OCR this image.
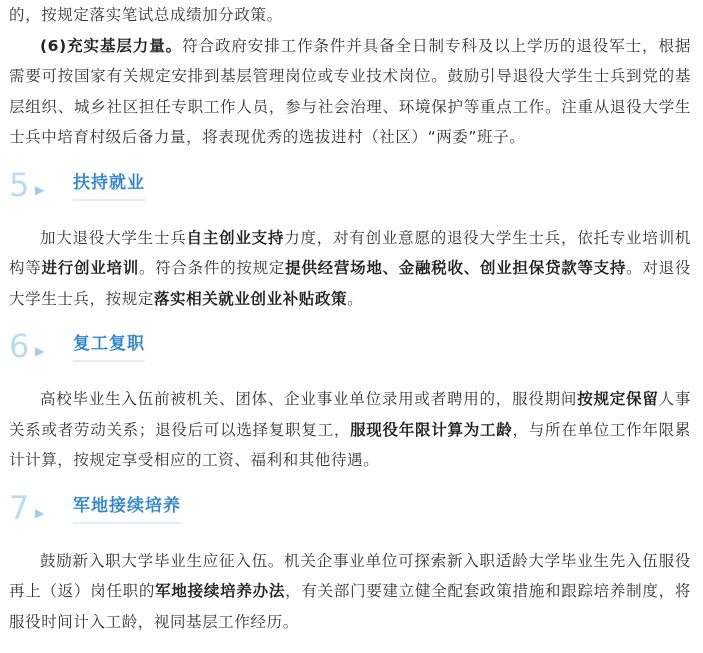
的，按规定落实笔试总成绩加分政策。

(6)充实基层力量。符合政府安排工作条件并具备全日制专科及以上学历的退役军士，根据需要可按国家有关规定安排到基层管理岗位或专业技术岗位。鼓励引导退役大学生士兵到党的基层组织、城乡社区担任专职工作人员，参与社会治理、环境保护等重点工作。注重从退役大学生士兵中培育村级后备力量，将表现优秀的选拔进村（社区）“两委”班子。

5 ▶	扶持就业

加大退役大学生士兵自主创业支持力度，对有创业意愿的退役大学生士兵，依托专业培训机构等进行创业培训。符合条件的按规定提供经营场地、金融税收、创业担保贷款等支持。对退役大学生士兵，按规定落实相关就业创业补贴政策。

6 ▶	复工复职

高校毕业生入伍前被机关、团体、企业事业单位录用或者聘用的，服役期间按规定保留人事关系或者劳动关系；退役后可以选择复职复工，服现役年限计算为工龄，与所在单位工作年限累计计算，按规定享受相应的工资、福利和其他待遇。

7 ▶	军地接续培养

鼓励新入职大学毕业生应征入伍。机关企事业单位可探索新入职适龄大学毕业生先入伍服役再上（返）岗任职的军地接续培养办法，有关部门要建立健全配套政策措施和跟踪培养制度，将服役时间计入工龄，视同基层工作经历。
